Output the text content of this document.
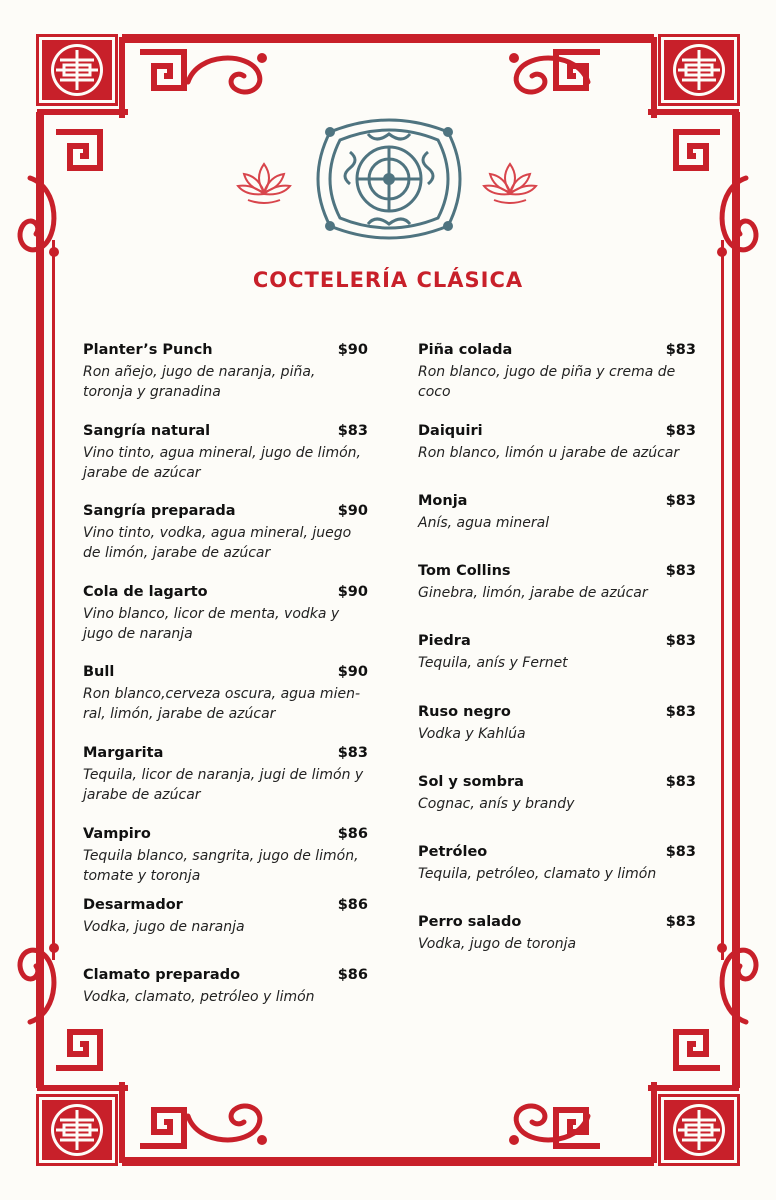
COCTELERÍA CLÁSICA
Planter’s Punch	$90
Ron añejo, jugo de naranja, piña, toronja y granadina
Sangría natural	$83
Vino tinto, agua mineral, jugo de limón, jarabe de azúcar
Sangría preparada	$90
Vino tinto, vodka, agua mineral, juego de limón, jarabe de azúcar
Cola de lagarto	$90
Vino blanco, licor de menta, vodka y jugo de naranja
Bull	$90
Ron blanco,cerveza oscura, agua mien-ral, limón, jarabe de azúcar
Margarita	$83
Tequila, licor de naranja, jugi de limón y jarabe de azúcar
Vampiro	$86
Tequila blanco, sangrita, jugo de limón, tomate y toronja
Desarmador	$86
Vodka, jugo de naranja
Clamato preparado	$86
Vodka, clamato, petróleo y limón
Piña colada	$83
Ron blanco, jugo de piña y crema de coco
Daiquiri	$83
Ron blanco, limón u jarabe de azúcar
Monja	$83
Anís, agua mineral
Tom Collins	$83
Ginebra, limón, jarabe de azúcar
Piedra	$83
Tequila, anís y Fernet
Ruso negro	$83
Vodka y Kahlúa
Sol y sombra	$83
Cognac, anís y brandy
Petróleo	$83
Tequila, petróleo, clamato y limón
Perro salado	$83
Vodka, jugo de toronja
